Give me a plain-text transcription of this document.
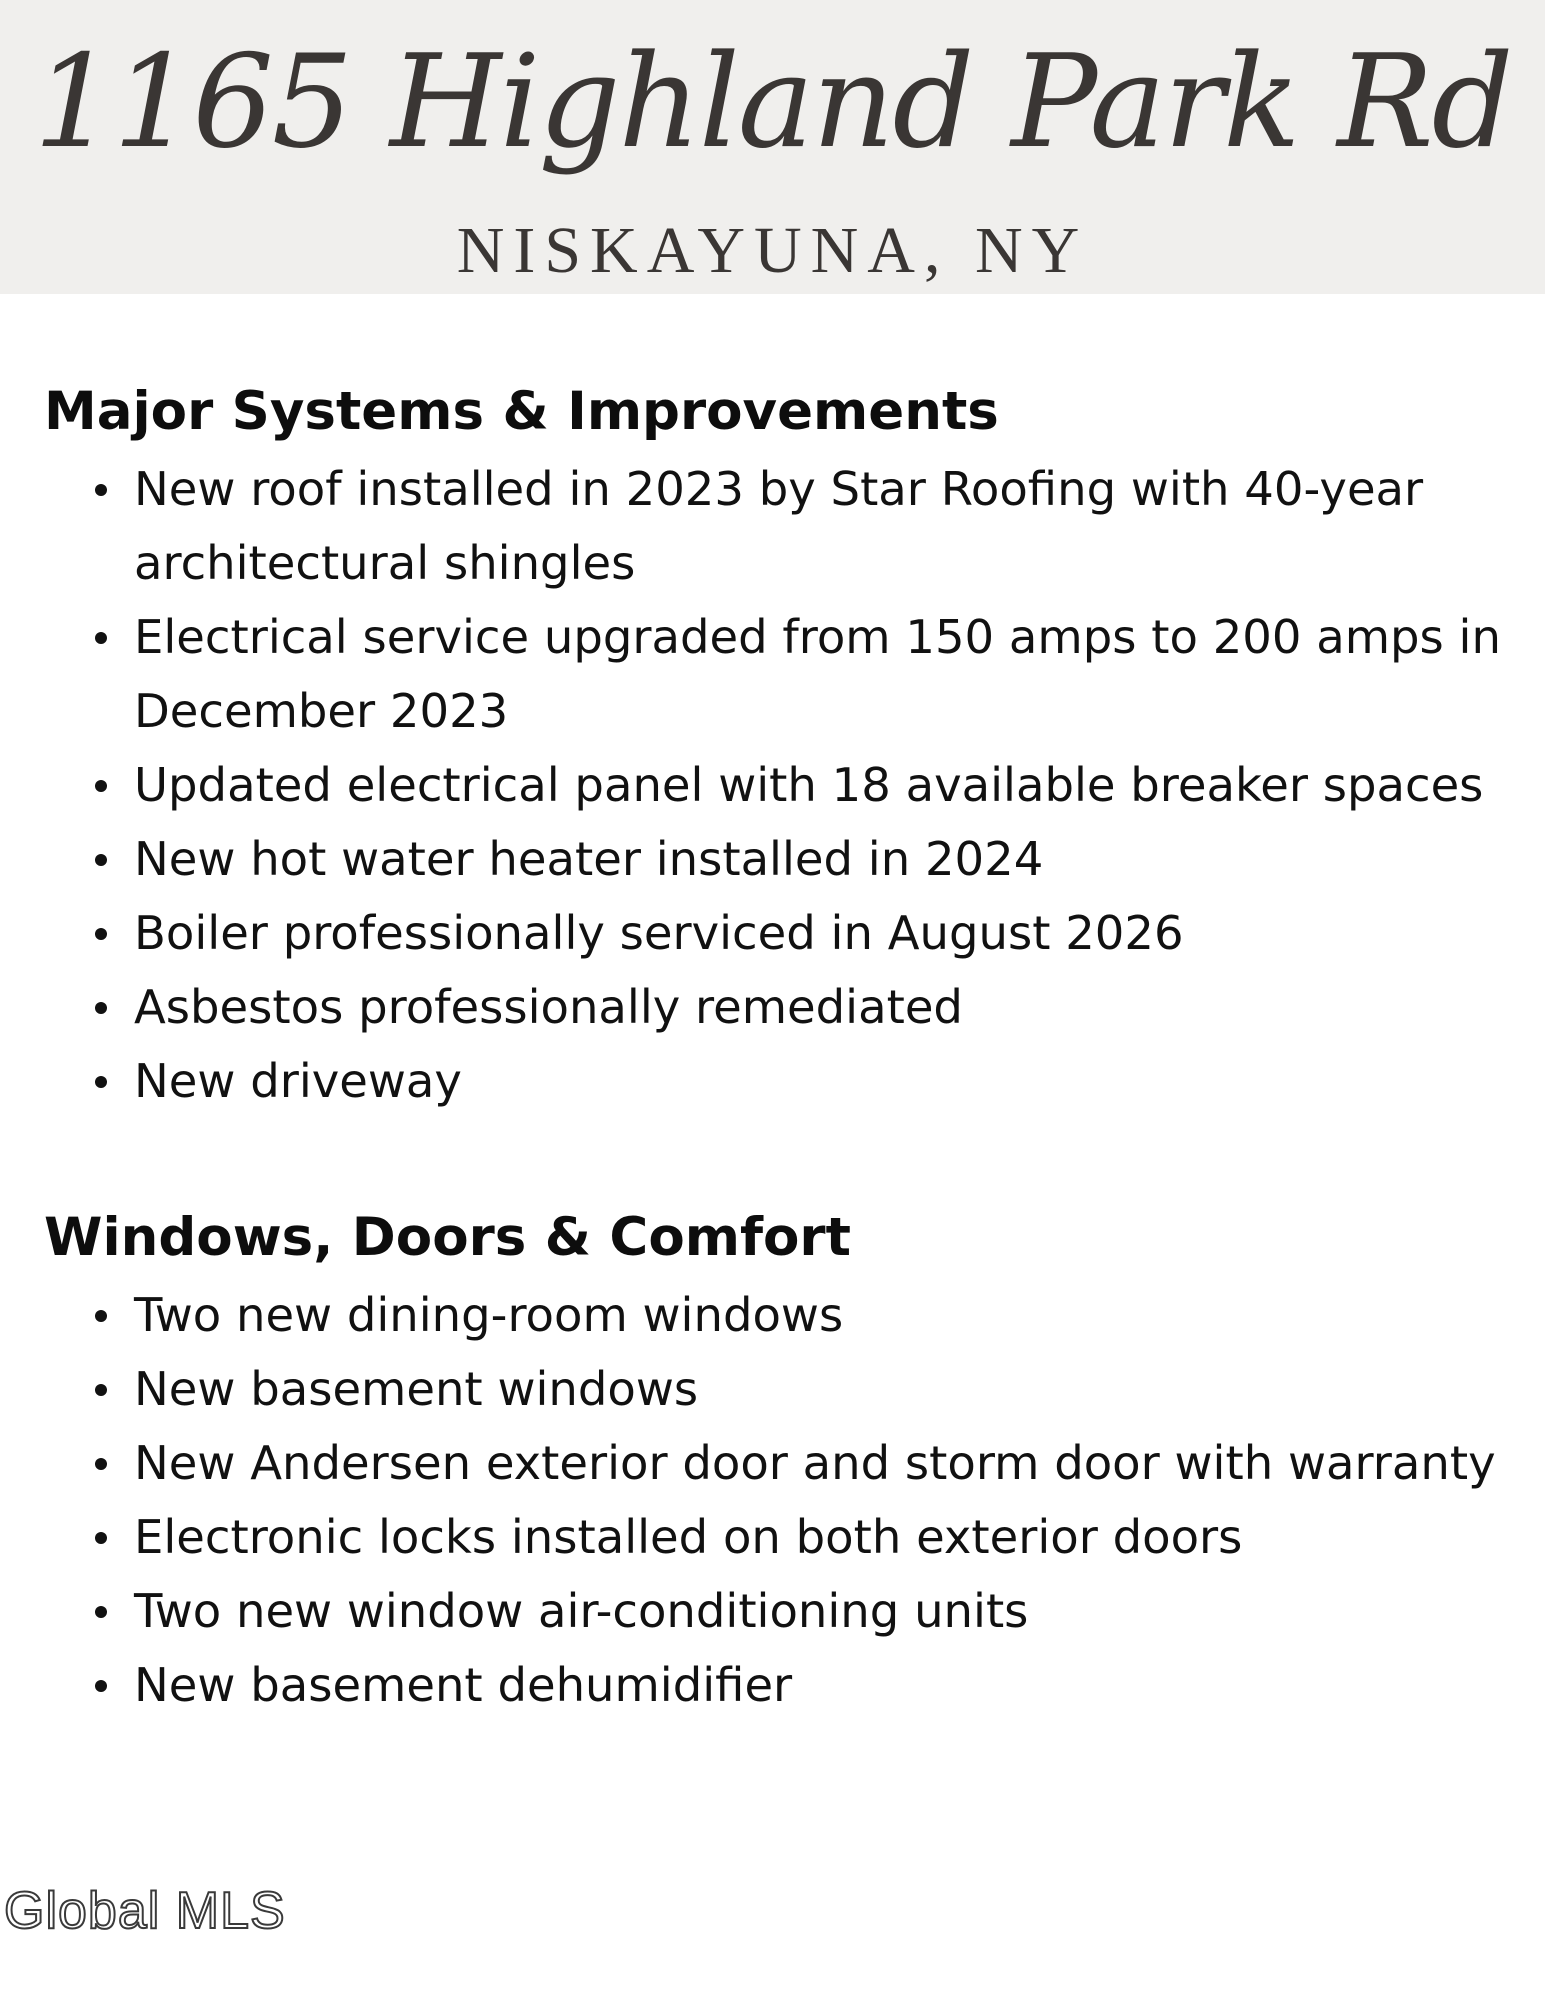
1165 Highland Park Rd
NISKAYUNA, NY
Major Systems & Improvements
New roof installed in 2023 by Star Roofing with 40-year
architectural shingles
Electrical service upgraded from 150 amps to 200 amps in
December 2023
Updated electrical panel with 18 available breaker spaces
New hot water heater installed in 2024
Boiler professionally serviced in August 2026
Asbestos professionally remediated
New driveway
Windows, Doors & Comfort
Two new dining-room windows
New basement windows
New Andersen exterior door and storm door with warranty
Electronic locks installed on both exterior doors
Two new window air-conditioning units
New basement dehumidifier
Global MLS
